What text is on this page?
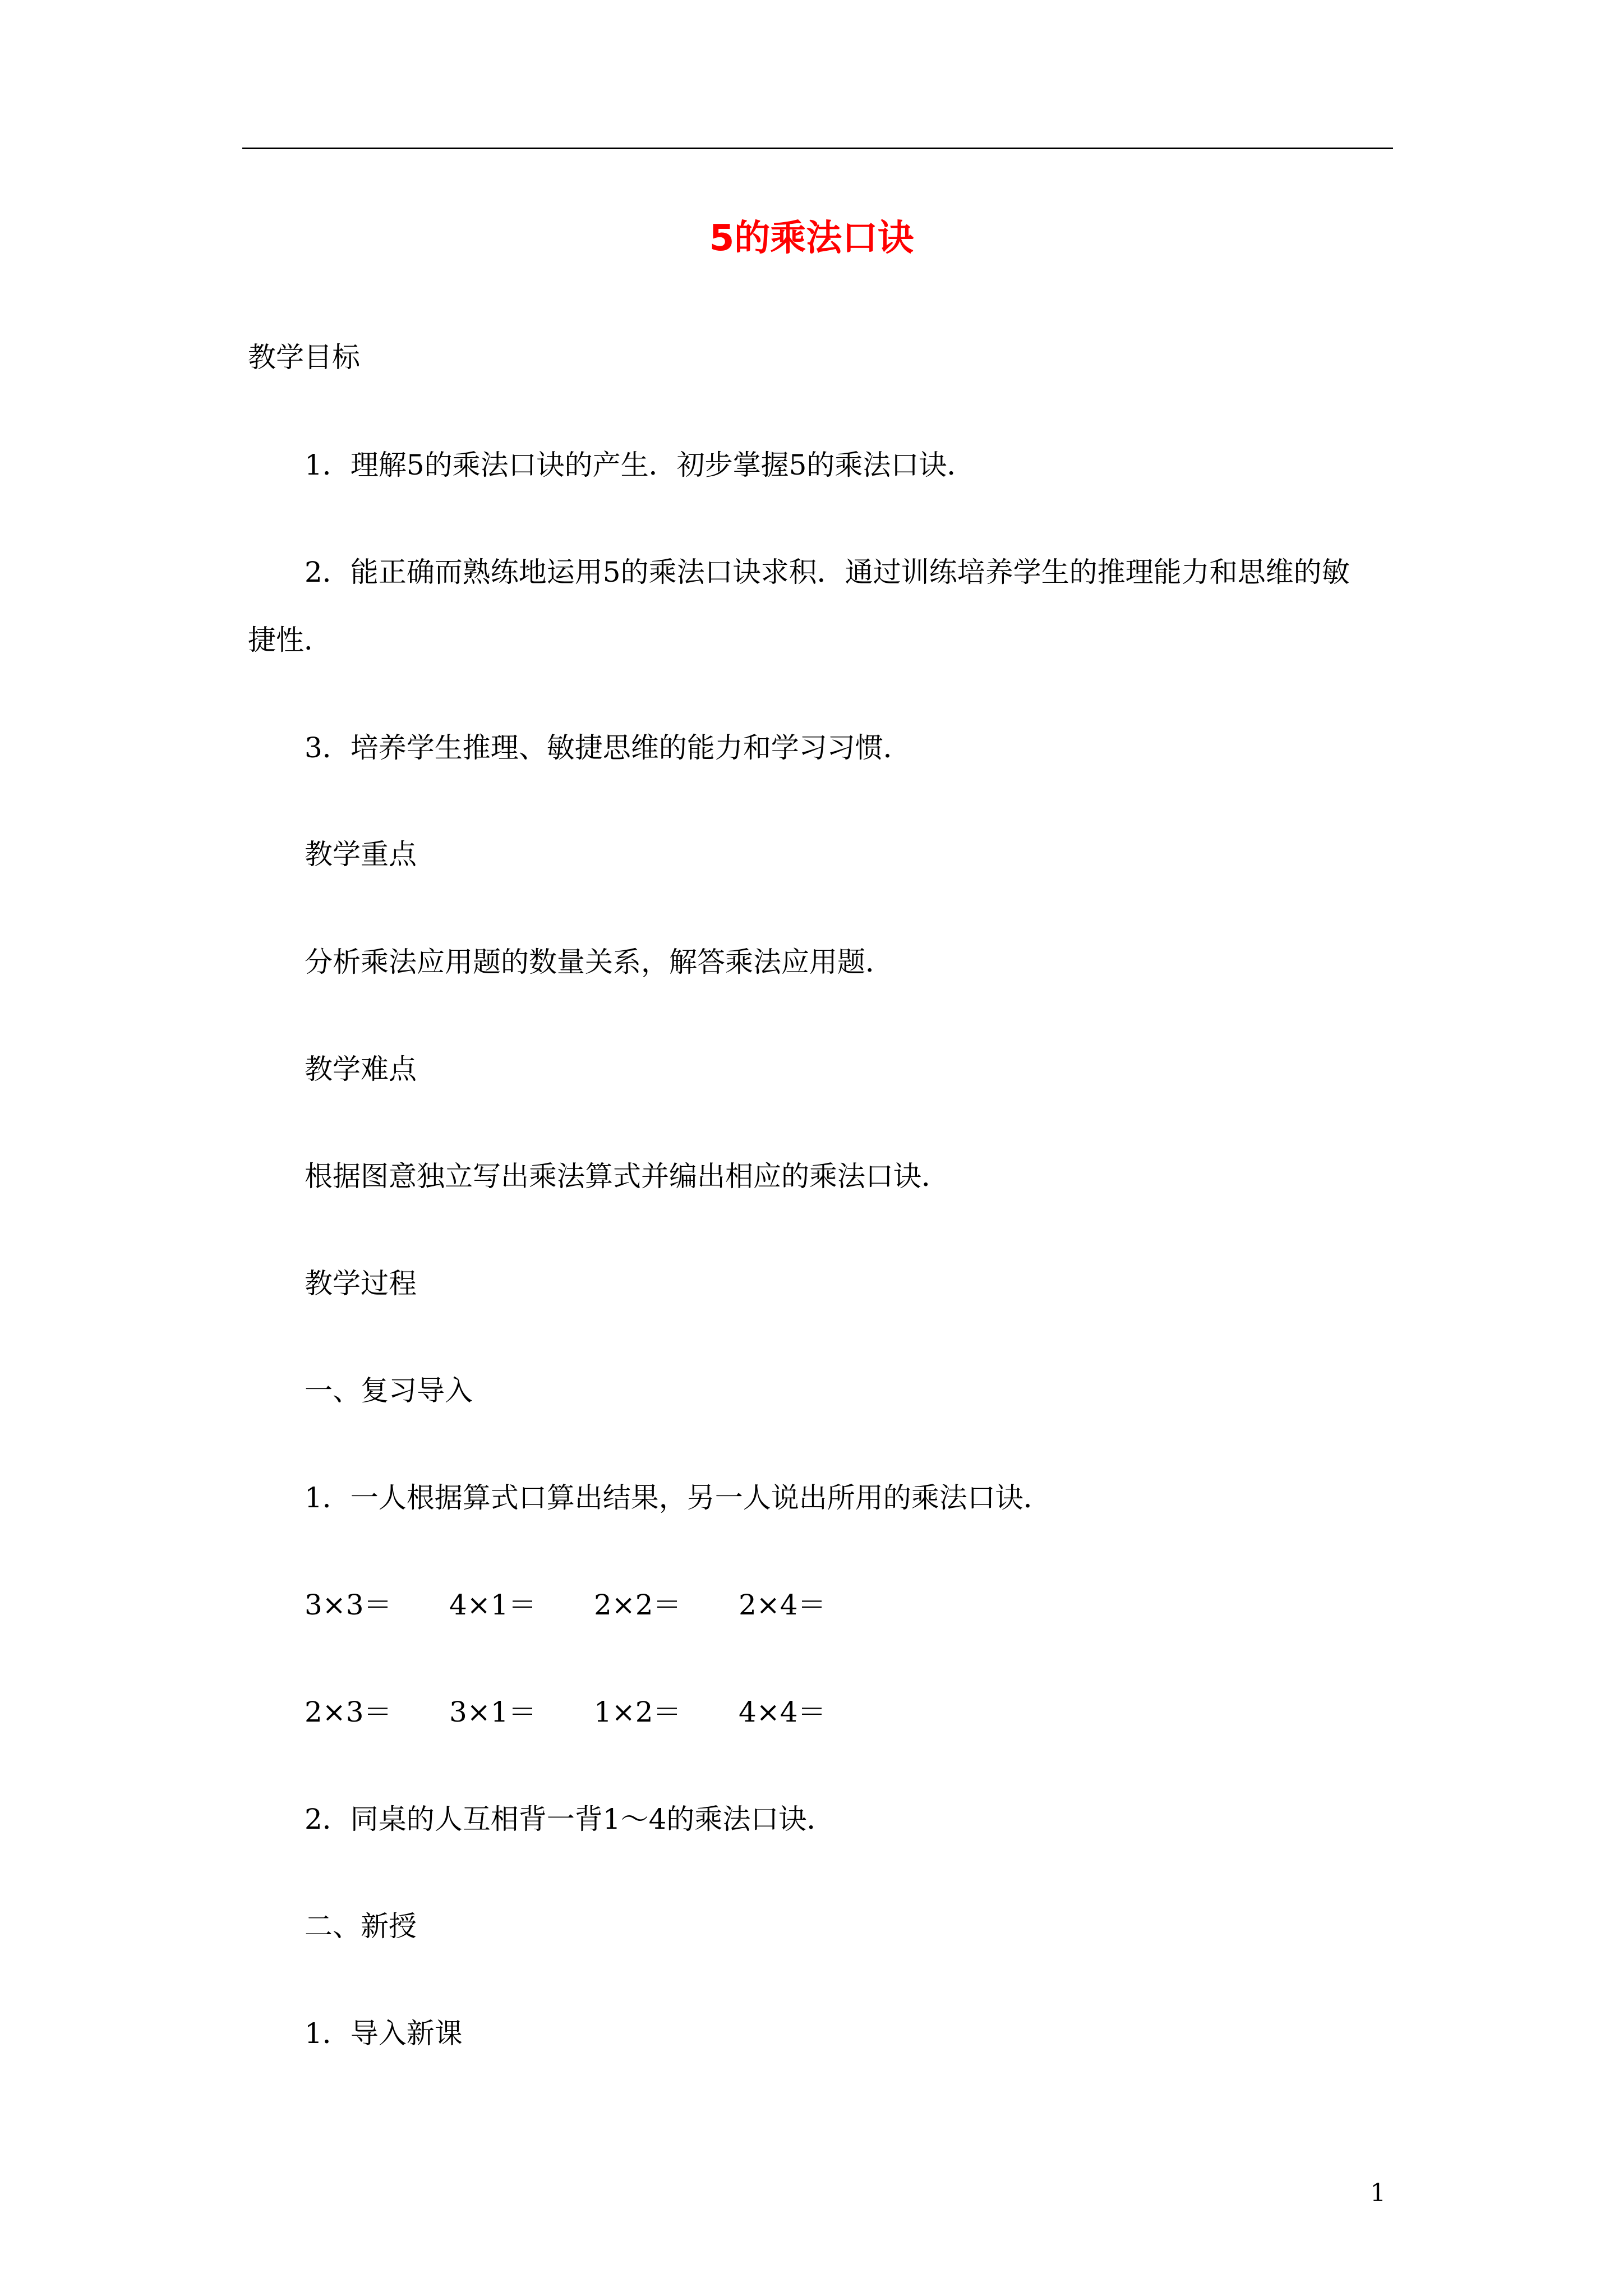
5的乘法口诀
教学目标
1．理解5的乘法口诀的产生．初步掌握5的乘法口诀．
2．能正确而熟练地运用5的乘法口诀求积．通过训练培养学生的推理能力和思维的敏
捷性．
3．培养学生推理、敏捷思维的能力和学习习惯．
教学重点
分析乘法应用题的数量关系，解答乘法应用题．
教学难点
根据图意独立写出乘法算式并编出相应的乘法口诀．
教学过程
一、复习导入
1．一人根据算式口算出结果，另一人说出所用的乘法口诀．
3×3＝ 4×1＝ 2×2＝ 2×4＝
2×3＝ 3×1＝ 1×2＝ 4×4＝
2．同桌的人互相背一背1～4的乘法口诀．
二、新授
1．导入新课
1
